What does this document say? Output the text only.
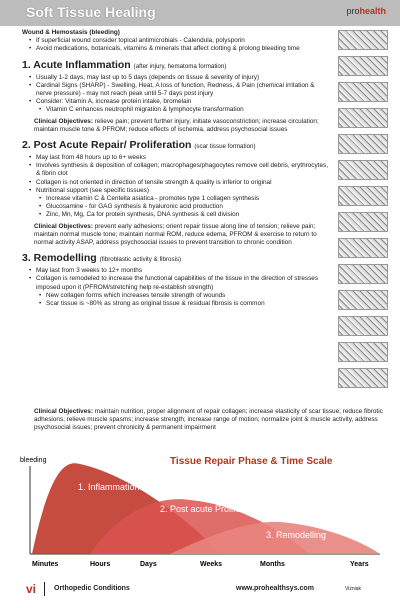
Soft Tissue Healing	prohealth
Wound & Hemostasis (bleeding)
• If superficial wound consider topical antimicrobials - Calendula, polysporin
• Avoid medications, botanicals, vitamins & minerals that affect clotting & prolong bleeding time
1. Acute Inflammation (after injury, hematoma formation)
• Usually 1-2 days, may last up to 5 days (depends on tissue & severity of injury)
• Cardinal Signs (SHARP) - Swelling, Heat, A loss of function, Redness, & Pain (chemical irritation & nerve pressure) - may not reach peak until 5-7 days post injury
• Consider: Vitamin A, increase protein intake, bromelain
• Vitamin C enhances neutrophil migration & lymphocyte transformation
Clinical Objectives: relieve pain; prevent further injury, initiate vasoconstriction; increase circulation; maintain muscle tone & PFROM; reduce effects of ischemia, address psychosocial issues
2. Post Acute Repair/ Proliferation (scar tissue formation)
• May last from 48 hours up to 6+ weeks
• Involves synthesis & deposition of collagen; macrophages/phagocytes remove cell debris, erythrocytes, & fibrin clot
• Collagen is not oriented in direction of tensile strength & quality is inferior to original
• Nutritional support (see specific tissues)
• Increase vitamin C & Centella asiatica - promotes type 1 collagen synthesis
• Glucosamine - for GAG synthesis & hyaluronic acid production
• Zinc, Mn, Mg, Ca for protein synthesis, DNA synthesis & cell division
Clinical Objectives: prevent early adhesions; orient repair tissue along line of tension; relieve pain; maintain normal muscle tone; maintain normal ROM, reduce edema, PFROM & exercise to return to normal activity ASAP, address psychosocial issues to prevent transition to chronic condition
3. Remodelling (fibroblastic activity & fibrosis)
• May last from 3 weeks to 12+ months
• Collagen is remodeled to increase the functional capabilities of the tissue in the direction of stresses imposed upon it (PFROM/stretching help re-establish strength)
• New collagen forms which increases tensile strength of wounds
• Scar tissue is ~80% as strong as original tissue & residual fibrosis is common
Clinical Objectives: maintain nutrition, proper alignment of repair collagen; increase elasticity of scar tissue; reduce fibrotic adhesions; relieve muscle spasms; increase strength; increase range of motion; normalize joint & muscle activity, address psychosocial issues; prevent chronicity & permanent impairment
bleeding	Tissue Repair Phase & Time Scale
1. Inflammation
2. Post acute Proliferation
3. Remodelling
Minutes	Hours	Days	Weeks	Months	Years
vi	Orthopedic Conditions	www.prohealthsys.com	Vizniak
